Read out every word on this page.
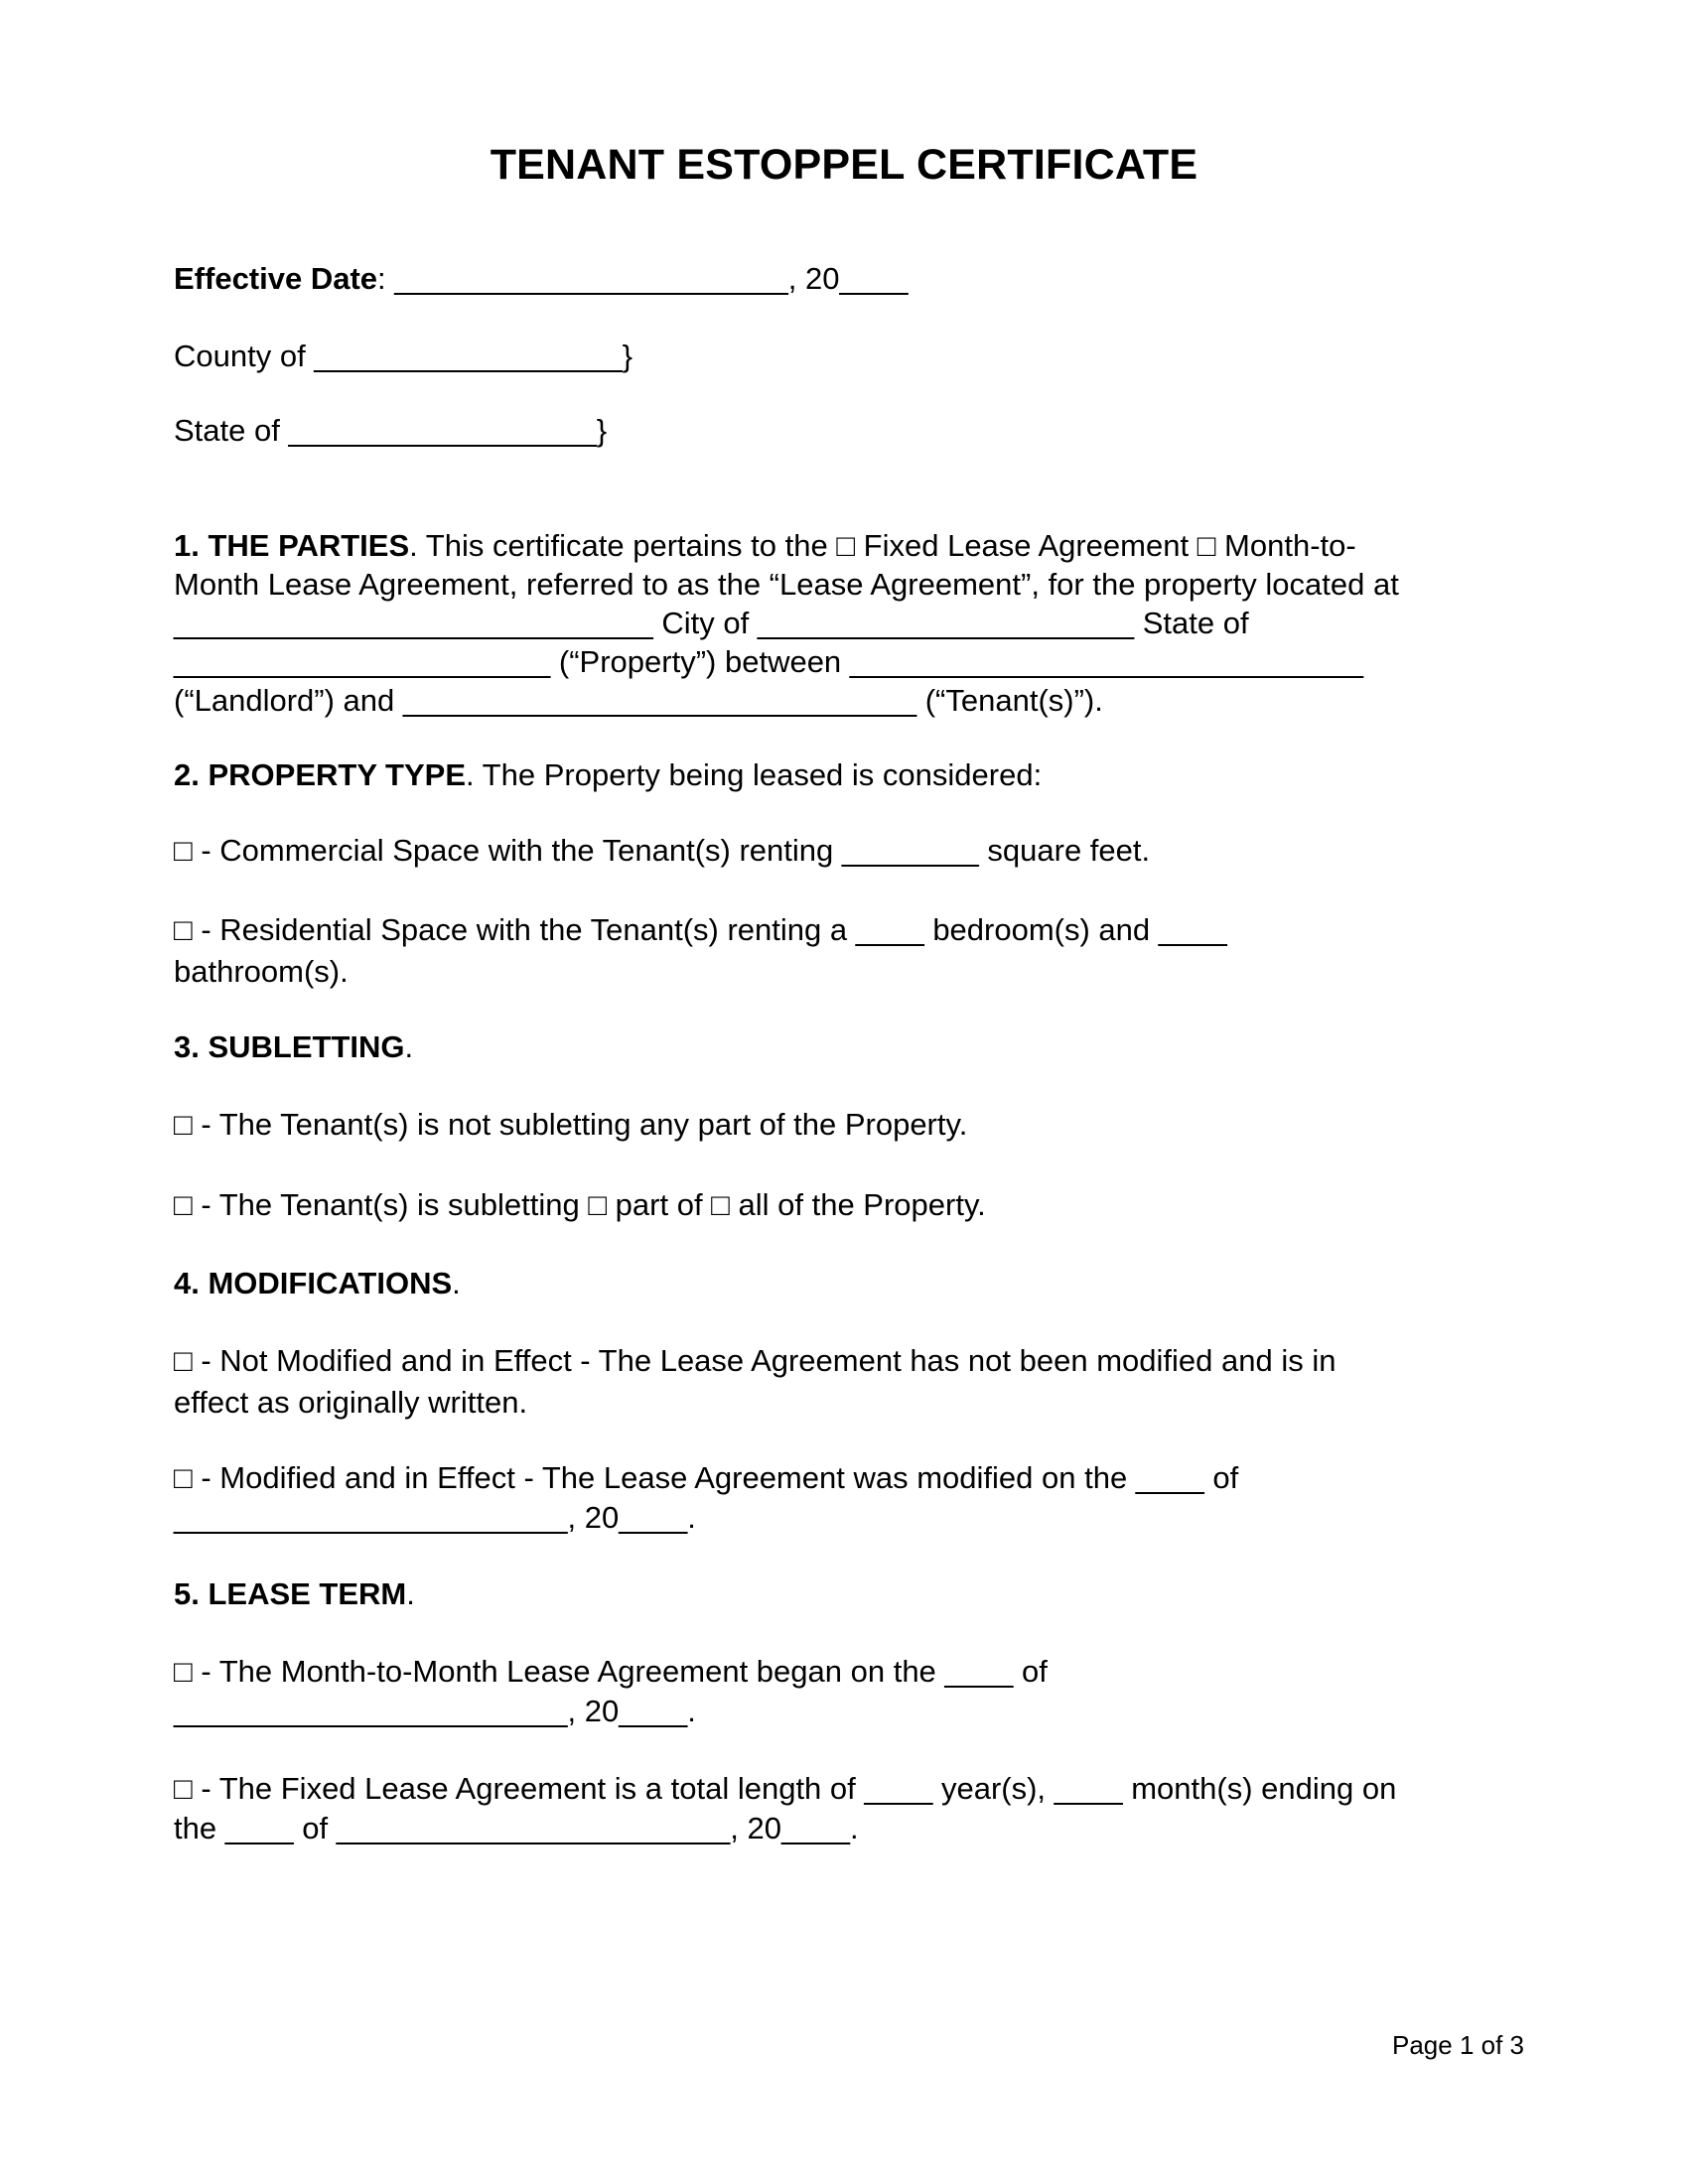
TENANT ESTOPPEL CERTIFICATE
Effective Date: _______________________, 20____
County of __________________}
State of __________________}
1. THE PARTIES. This certificate pertains to the □ Fixed Lease Agreement □ Month-to-
Month Lease Agreement, referred to as the “Lease Agreement”, for the property located at
____________________________ City of ______________________ State of
______________________ (“Property”) between ______________________________
(“Landlord”) and ______________________________ (“Tenant(s)”).
2. PROPERTY TYPE. The Property being leased is considered:
□ - Commercial Space with the Tenant(s) renting ________ square feet.
□ - Residential Space with the Tenant(s) renting a ____ bedroom(s) and ____
bathroom(s).
3. SUBLETTING.
□ - The Tenant(s) is not subletting any part of the Property.
□ - The Tenant(s) is subletting □ part of □ all of the Property.
4. MODIFICATIONS.
□ - Not Modified and in Effect - The Lease Agreement has not been modified and is in
effect as originally written.
□ - Modified and in Effect - The Lease Agreement was modified on the ____ of
_______________________, 20____.
5. LEASE TERM.
□ - The Month-to-Month Lease Agreement began on the ____ of
_______________________, 20____.
□ - The Fixed Lease Agreement is a total length of ____ year(s), ____ month(s) ending on
the ____ of _______________________, 20____.
Page 1 of 3
